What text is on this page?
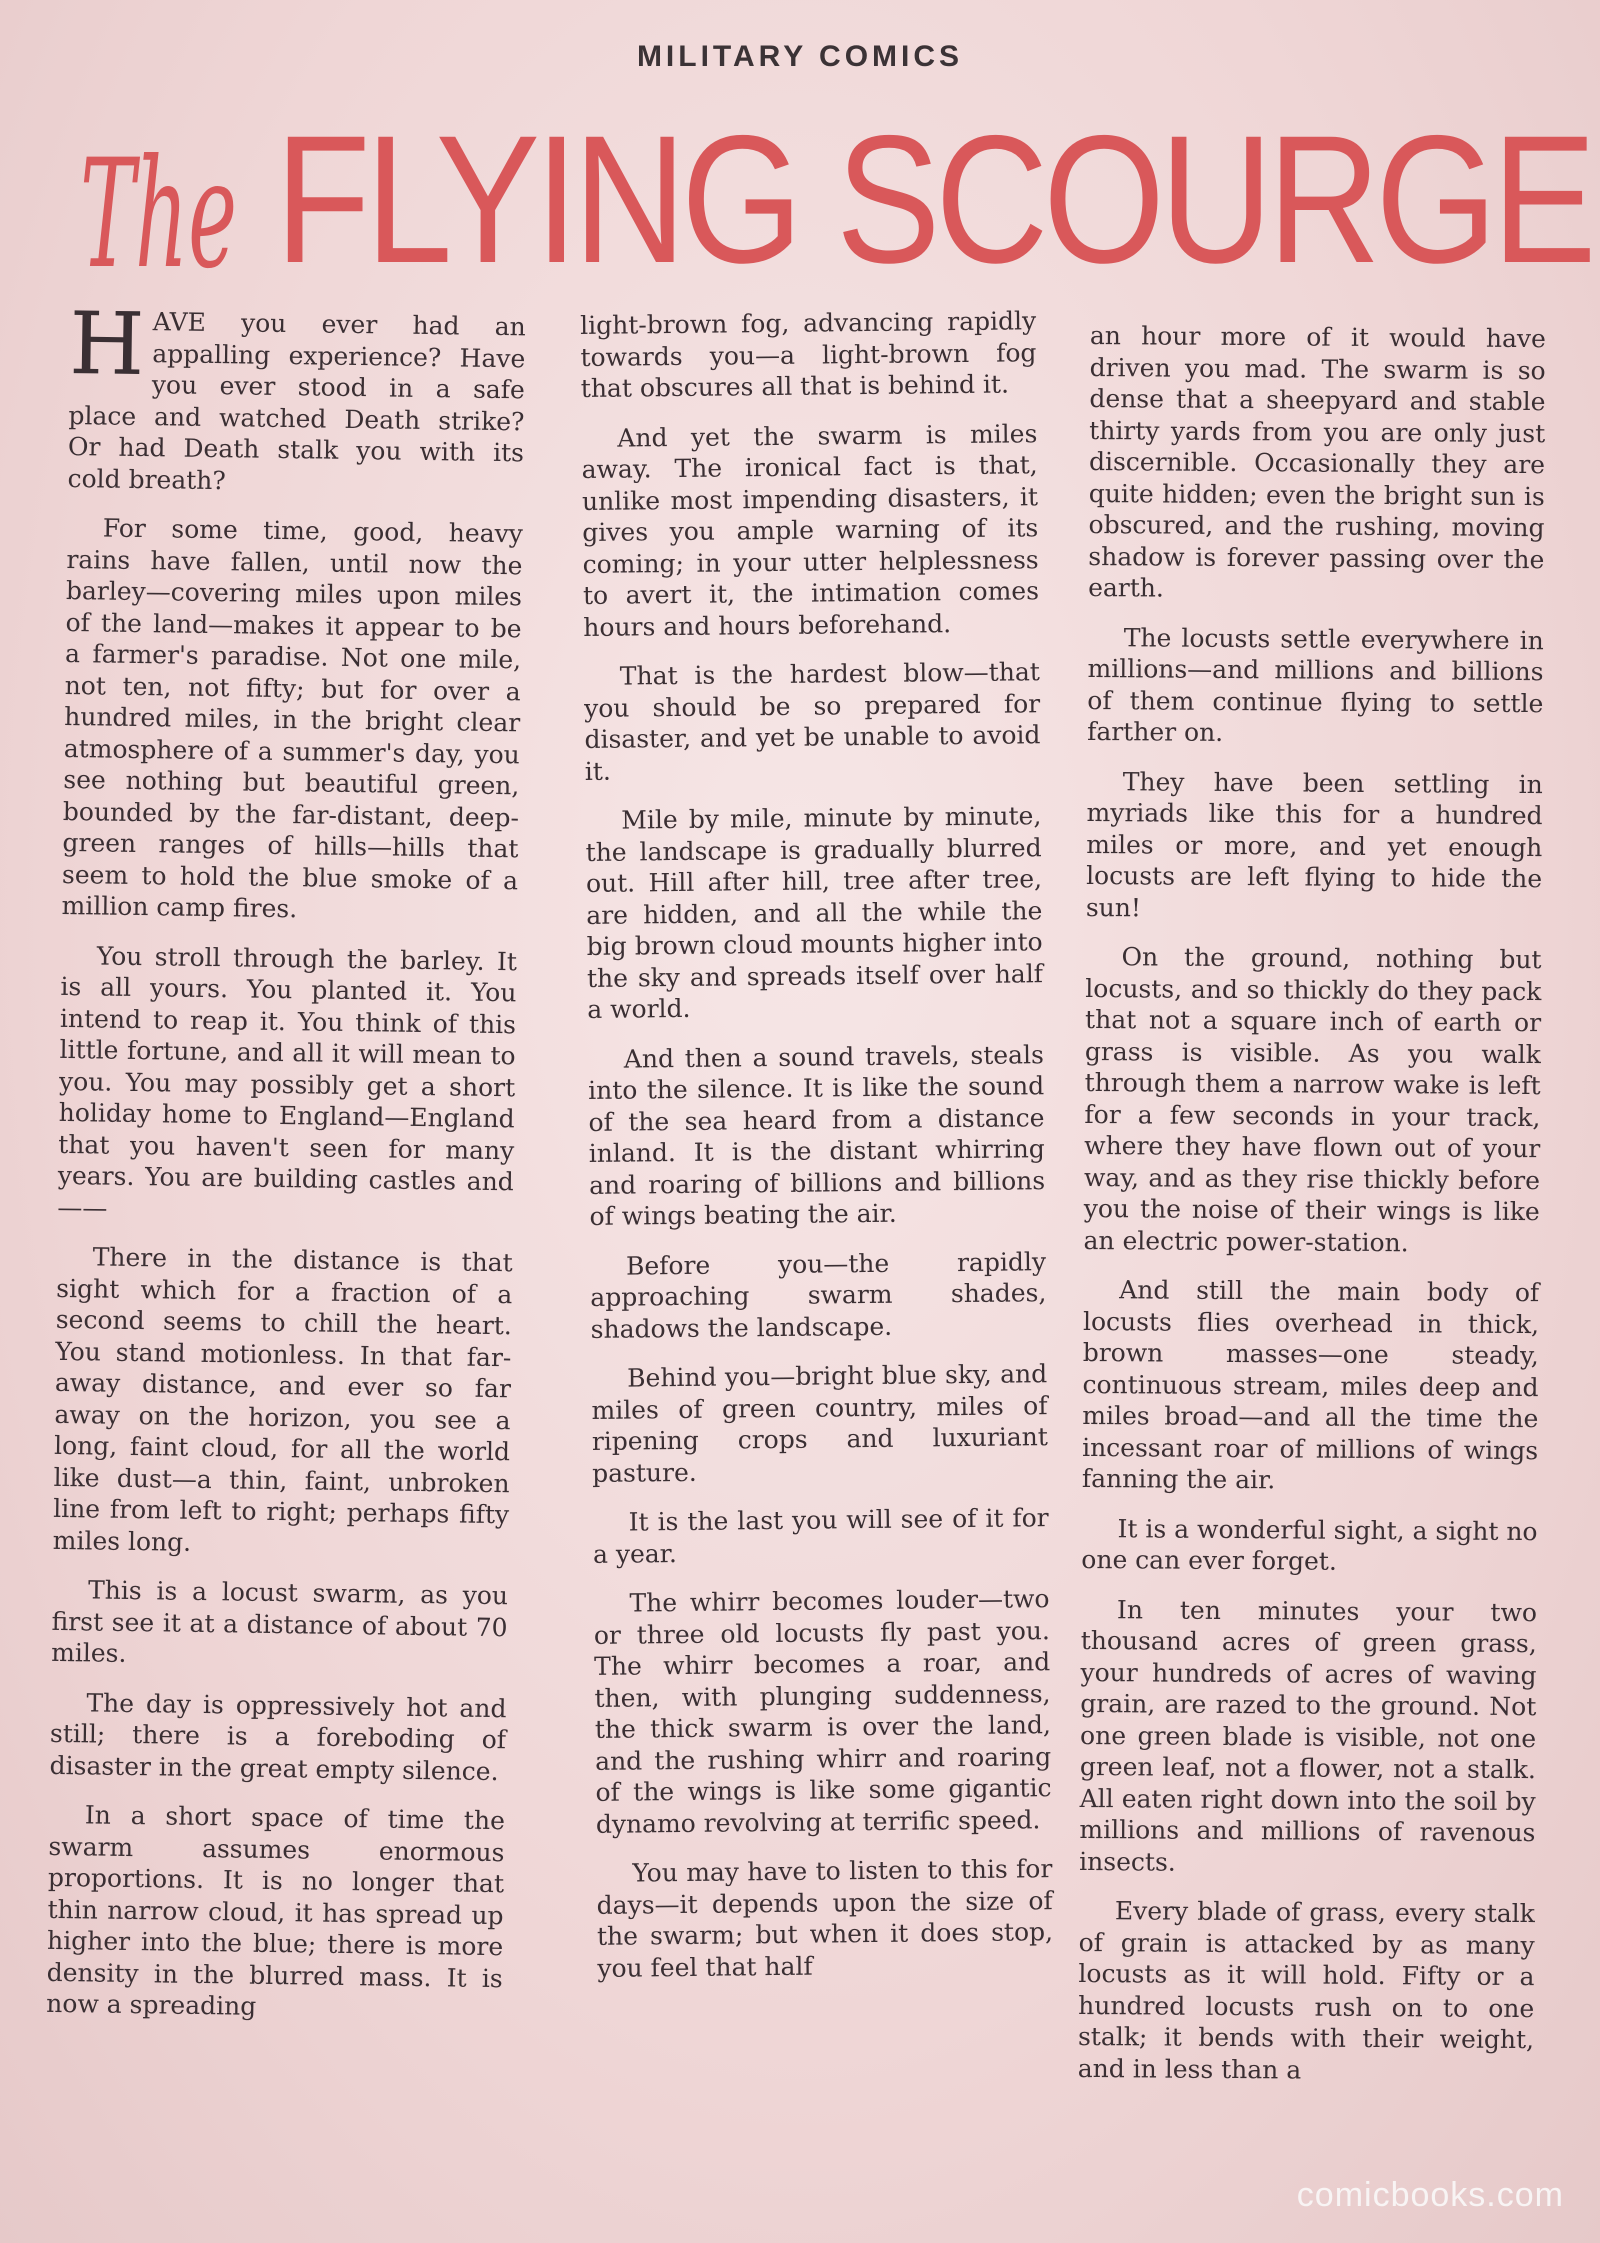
MILITARY COMICS
The FLYING SCOURGE

HAVE you ever had an appalling experience? Have you ever stood in a safe place and watched Death strike? Or had Death stalk you with its cold breath?

For some time, good, heavy rains have fallen, until now the barley—covering miles upon miles of the land—makes it appear to be a farmer's paradise. Not one mile, not ten, not fifty; but for over a hundred miles, in the bright clear atmosphere of a summer's day, you see nothing but beautiful green, bounded by the far-distant, deep-green ranges of hills—hills that seem to hold the blue smoke of a million camp fires.

You stroll through the barley. It is all yours. You planted it. You intend to reap it. You think of this little fortune, and all it will mean to you. You may possibly get a short holiday home to England—England that you haven't seen for many years. You are building castles and——

There in the distance is that sight which for a fraction of a second seems to chill the heart. You stand motionless. In that far-away distance, and ever so far away on the horizon, you see a long, faint cloud, for all the world like dust—a thin, faint, unbroken line from left to right; perhaps fifty miles long.

This is a locust swarm, as you first see it at a distance of about 70 miles.

The day is oppressively hot and still; there is a foreboding of disaster in the great empty silence.

In a short space of time the swarm assumes enormous proportions. It is no longer that thin narrow cloud, it has spread up higher into the blue; there is more density in the blurred mass. It is now a spreading

light-brown fog, advancing rapidly towards you—a light-brown fog that obscures all that is behind it.

And yet the swarm is miles away. The ironical fact is that, unlike most impending disasters, it gives you ample warning of its coming; in your utter helplessness to avert it, the intimation comes hours and hours beforehand.

That is the hardest blow—that you should be so prepared for disaster, and yet be unable to avoid it.

Mile by mile, minute by minute, the landscape is gradually blurred out. Hill after hill, tree after tree, are hidden, and all the while the big brown cloud mounts higher into the sky and spreads itself over half a world.

And then a sound travels, steals into the silence. It is like the sound of the sea heard from a distance inland. It is the distant whirring and roaring of billions and billions of wings beating the air.

Before you—the rapidly approaching swarm shades, shadows the landscape.

Behind you—bright blue sky, and miles of green country, miles of ripening crops and luxuriant pasture.

It is the last you will see of it for a year.

The whirr becomes louder—two or three old locusts fly past you. The whirr becomes a roar, and then, with plunging suddenness, the thick swarm is over the land, and the rushing whirr and roaring of the wings is like some gigantic dynamo revolving at terrific speed.

You may have to listen to this for days—it depends upon the size of the swarm; but when it does stop, you feel that half

an hour more of it would have driven you mad. The swarm is so dense that a sheepyard and stable thirty yards from you are only just discernible. Occasionally they are quite hidden; even the bright sun is obscured, and the rushing, moving shadow is forever passing over the earth.

The locusts settle everywhere in millions—and millions and billions of them continue flying to settle farther on.

They have been settling in myriads like this for a hundred miles or more, and yet enough locusts are left flying to hide the sun!

On the ground, nothing but locusts, and so thickly do they pack that not a square inch of earth or grass is visible. As you walk through them a narrow wake is left for a few seconds in your track, where they have flown out of your way, and as they rise thickly before you the noise of their wings is like an electric power-station.

And still the main body of locusts flies overhead in thick, brown masses—one steady, continuous stream, miles deep and miles broad—and all the time the incessant roar of millions of wings fanning the air.

It is a wonderful sight, a sight no one can ever forget.

In ten minutes your two thousand acres of green grass, your hundreds of acres of waving grain, are razed to the ground. Not one green blade is visible, not one green leaf, not a flower, not a stalk. All eaten right down into the soil by millions and millions of ravenous insects.

Every blade of grass, every stalk of grain is attacked by as many locusts as it will hold. Fifty or a hundred locusts rush on to one stalk; it bends with their weight, and in less than a

comicbooks.com
